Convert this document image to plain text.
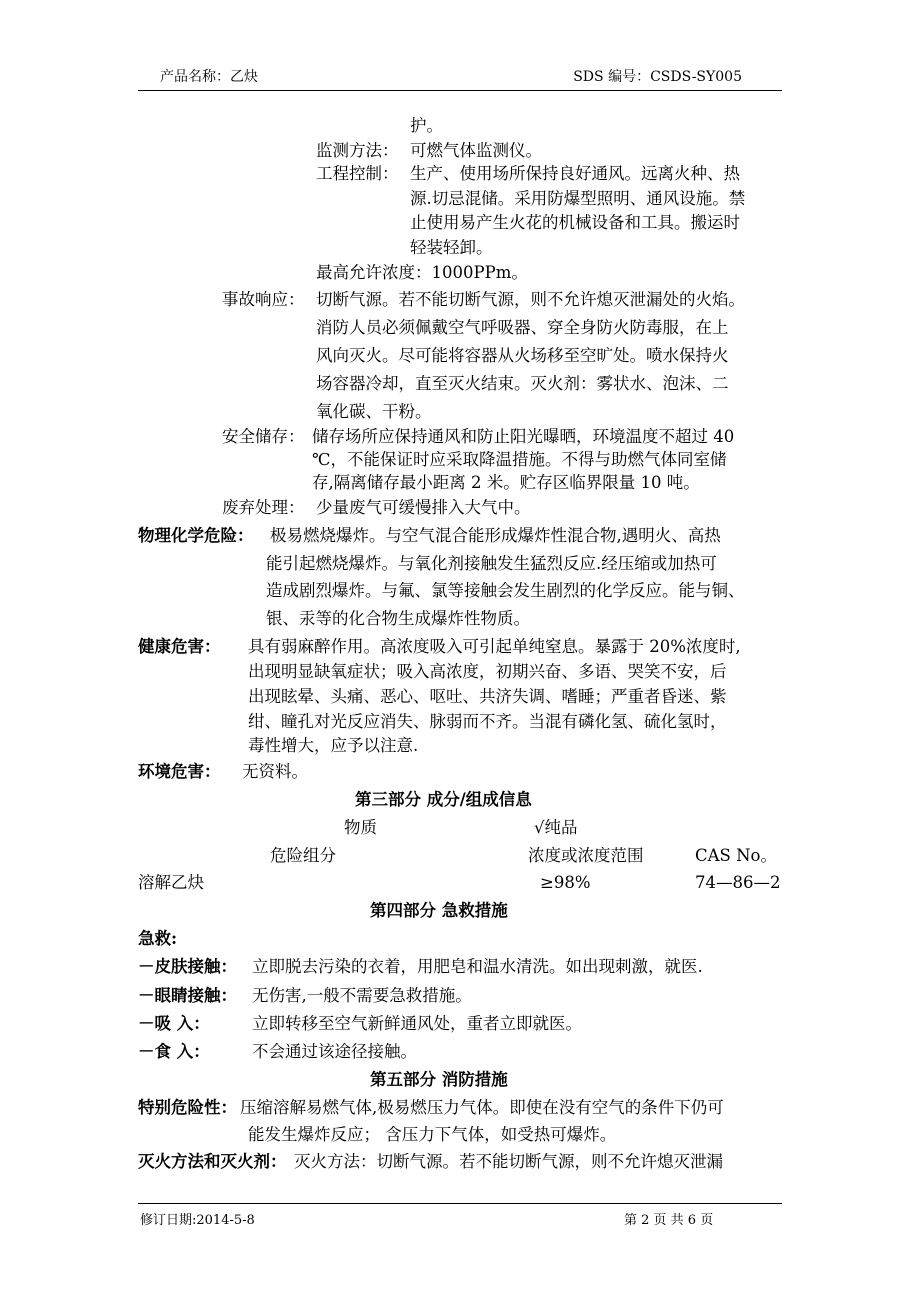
产品名称：乙炔	SDS 编号：CSDS-SY005
护。
监测方法： 可燃气体监测仪。
工程控制： 生产、使用场所保持良好通风。远离火种、热
源.切忌混储。采用防爆型照明、通风设施。禁
止使用易产生火花的机械设备和工具。搬运时
轻装轻卸。
最高允许浓度：1000PPm。
事故响应： 切断气源。若不能切断气源，则不允许熄灭泄漏处的火焰。
消防人员必须佩戴空气呼吸器、穿全身防火防毒服，在上
风向灭火。尽可能将容器从火场移至空旷处。喷水保持火
场容器冷却，直至灭火结束。灭火剂：雾状水、泡沫、二
氧化碳、干粉。
安全储存： 储存场所应保持通风和防止阳光曝晒，环境温度不超过 40
℃，不能保证时应采取降温措施。不得与助燃气体同室储
存,隔离储存最小距离 2 米。贮存区临界限量 10 吨。
废弃处理： 少量废气可缓慢排入大气中。
物理化学危险： 极易燃烧爆炸。与空气混合能形成爆炸性混合物,遇明火、高热
能引起燃烧爆炸。与氧化剂接触发生猛烈反应.经压缩或加热可
造成剧烈爆炸。与氟、氯等接触会发生剧烈的化学反应。能与铜、
银、汞等的化合物生成爆炸性物质。
健康危害： 具有弱麻醉作用。高浓度吸入可引起单纯窒息。暴露于 20%浓度时,
出现明显缺氧症状；吸入高浓度，初期兴奋、多语、哭笑不安，后
出现眩晕、头痛、恶心、呕吐、共济失调、嗜睡；严重者昏迷、紫
绀、瞳孔对光反应消失、脉弱而不齐。当混有磷化氢、硫化氢时，
毒性增大，应予以注意.
环境危害： 无资料。
第三部分 成分/组成信息
物质	√纯品
危险组分	浓度或浓度范围	CAS No。
溶解乙炔	≥98%	74—86—2
第四部分 急救措施
急救:
－皮肤接触： 立即脱去污染的衣着，用肥皂和温水清洗。如出现刺激，就医.
－眼睛接触： 无伤害,一般不需要急救措施。
－吸 入：	立即转移至空气新鲜通风处，重者立即就医。
－食 入：	不会通过该途径接触。
第五部分 消防措施
特别危险性： 压缩溶解易燃气体,极易燃压力气体。即使在没有空气的条件下仍可
能发生爆炸反应； 含压力下气体，如受热可爆炸。
灭火方法和灭火剂： 灭火方法：切断气源。若不能切断气源，则不允许熄灭泄漏
修订日期:2014-5-8	第 2 页 共 6 页
